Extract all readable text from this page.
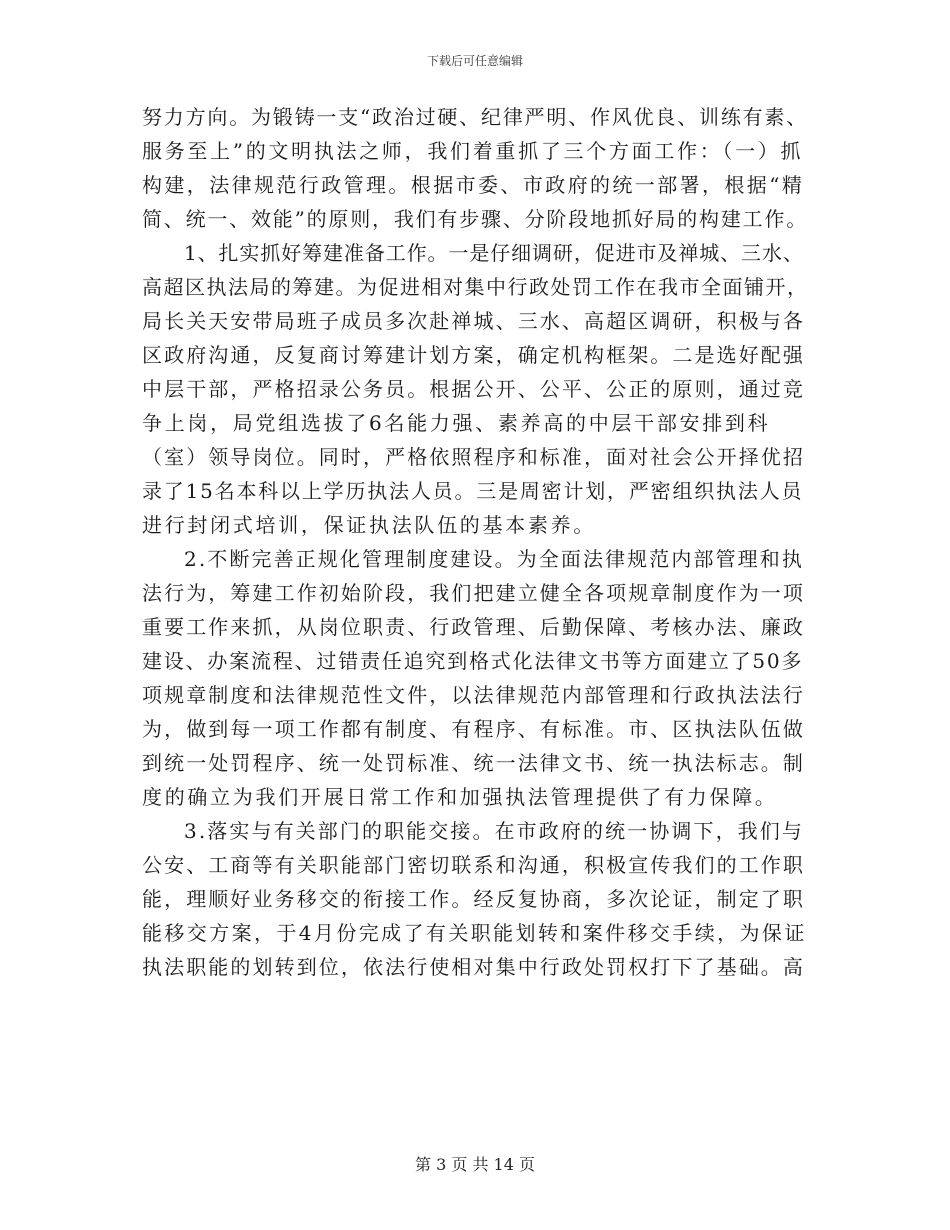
下载后可任意编辑
努力方向。为锻铸一支“政治过硬、纪律严明、作风优良、训练有素、
服务至上”的文明执法之师，我们着重抓了三个方面工作：（一）抓
构建，法律规范行政管理。根据市委、市政府的统一部署，根据“精
简、统一、效能”的原则，我们有步骤、分阶段地抓好局的构建工作。
1、扎实抓好筹建准备工作。一是仔细调研，促进市及禅城、三水、
高超区执法局的筹建。为促进相对集中行政处罚工作在我市全面铺开，
局长关天安带局班子成员多次赴禅城、三水、高超区调研，积极与各
区政府沟通，反复商讨筹建计划方案，确定机构框架。二是选好配强
中层干部，严格招录公务员。根据公开、公平、公正的原则，通过竞
争上岗，局党组选拔了6名能力强、素养高的中层干部安排到科
（室）领导岗位。同时，严格依照程序和标准，面对社会公开择优招
录了15名本科以上学历执法人员。三是周密计划，严密组织执法人员
进行封闭式培训，保证执法队伍的基本素养。
2.不断完善正规化管理制度建设。为全面法律规范内部管理和执
法行为，筹建工作初始阶段，我们把建立健全各项规章制度作为一项
重要工作来抓，从岗位职责、行政管理、后勤保障、考核办法、廉政
建设、办案流程、过错责任追究到格式化法律文书等方面建立了50多
项规章制度和法律规范性文件，以法律规范内部管理和行政执法法行
为，做到每一项工作都有制度、有程序、有标准。市、区执法队伍做
到统一处罚程序、统一处罚标准、统一法律文书、统一执法标志。制
度的确立为我们开展日常工作和加强执法管理提供了有力保障。
3.落实与有关部门的职能交接。在市政府的统一协调下，我们与
公安、工商等有关职能部门密切联系和沟通，积极宣传我们的工作职
能，理顺好业务移交的衔接工作。经反复协商，多次论证，制定了职
能移交方案，于4月份完成了有关职能划转和案件移交手续，为保证
执法职能的划转到位，依法行使相对集中行政处罚权打下了基础。高
第 3 页 共 14 页
